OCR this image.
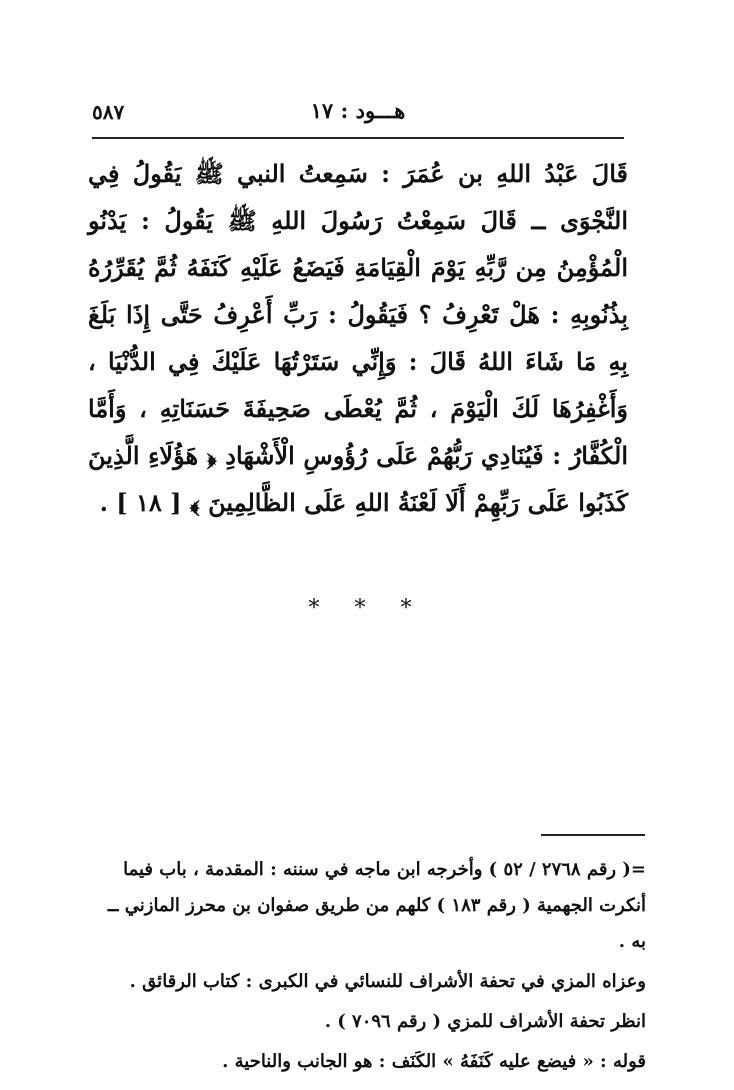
٥٨٧	هـــود : ١٧
قَالَ عَبْدُ اللهِ بن عُمَرَ : سَمِعتُ النبي ﷺ يَقُولُ فِي النَّجْوَى ــ قَالَ سَمِعْتُ رَسُولَ اللهِ ﷺ يَقُولُ : يَدْنُو الْمُؤْمِنُ مِن رَّبِّهِ يَوْمَ الْقِيَامَةِ فَيَضَعُ عَلَيْهِ كَنَفَهُ ثُمَّ يُقَرِّرُهُ بِذُنُوبِهِ : هَلْ تَعْرِفُ ؟ فَيَقُولُ : رَبِّ أَعْرِفُ حَتَّى إِذَا بَلَغَ بِهِ مَا شَاءَ اللهُ قَالَ : وَإِنِّي سَتَرْتُهَا عَلَيْكَ فِي الدُّنْيَا ، وَأَغْفِرُهَا لَكَ الْيَوْمَ ، ثُمَّ يُعْطَى صَحِيفَةَ حَسَنَاتِهِ ، وَأَمَّا الْكُفَّارُ : فَيُنَادِي رَبُّهُمْ عَلَى رُؤُوسِ الْأَشْهَادِ ﴿ هَؤُلَاءِ الَّذِينَ كَذَبُوا عَلَى رَبِّهِمْ أَلَا لَعْنَةُ اللهِ عَلَى الظَّالِمِينَ ﴾ [ ١٨ ] .
* * *

=( رقم ٢٧٦٨ / ٥٢ ) وأخرجه ابن ماجه في سننه : المقدمة ، باب فيما أنكرت الجهمية ( رقم ١٨٣ ) كلهم من طريق صفوان بن محرز المازني ــ به .

وعزاه المزي في تحفة الأشراف للنسائي في الكبرى : كتاب الرقائق .

انظر تحفة الأشراف للمزي ( رقم ٧٠٩٦ ) .

قوله : « فيضع عليه كَنَفَهُ » الكَنَف : هو الجانب والناحية .
